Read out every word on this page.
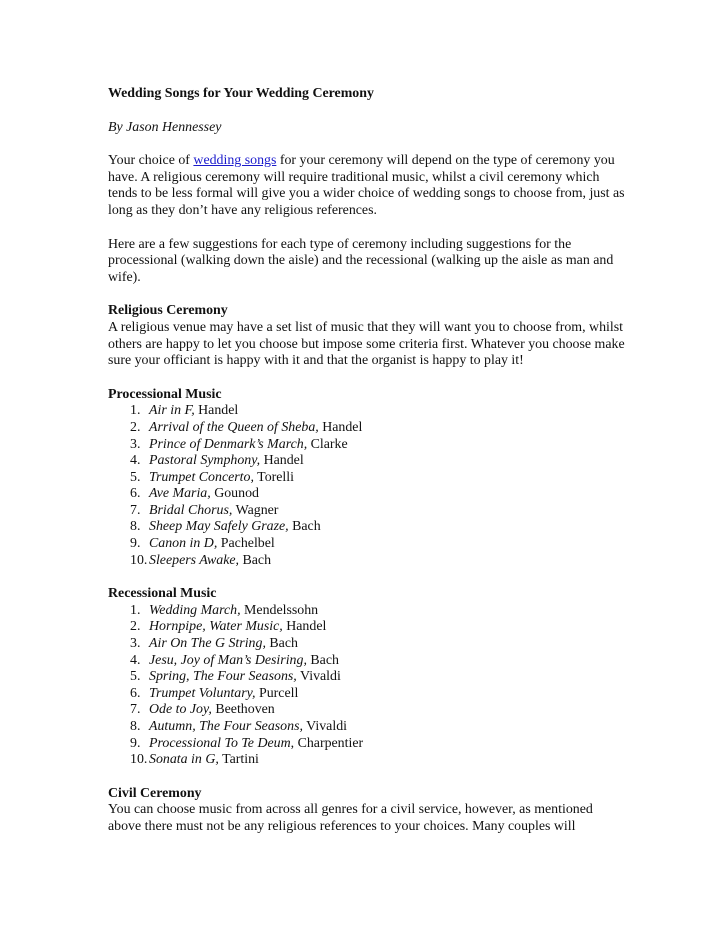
Wedding Songs for Your Wedding Ceremony

By Jason Hennessey

Your choice of wedding songs for your ceremony will depend on the type of ceremony you have. A religious ceremony will require traditional music, whilst a civil ceremony which tends to be less formal will give you a wider choice of wedding songs to choose from, just as long as they don’t have any religious references.

Here are a few suggestions for each type of ceremony including suggestions for the processional (walking down the aisle) and the recessional (walking up the aisle as man and wife).

Religious Ceremony

A religious venue may have a set list of music that they will want you to choose from, whilst others are happy to let you choose but impose some criteria first. Whatever you choose make sure your officiant is happy with it and that the organist is happy to play it!

Processional Music

1. Air in F, Handel
2. Arrival of the Queen of Sheba, Handel
3. Prince of Denmark’s March, Clarke
4. Pastoral Symphony, Handel
5. Trumpet Concerto, Torelli
6. Ave Maria, Gounod
7. Bridal Chorus, Wagner
8. Sheep May Safely Graze, Bach
9. Canon in D, Pachelbel
10. Sleepers Awake, Bach

Recessional Music

1. Wedding March, Mendelssohn
2. Hornpipe, Water Music, Handel
3. Air On The G String, Bach
4. Jesu, Joy of Man’s Desiring, Bach
5. Spring, The Four Seasons, Vivaldi
6. Trumpet Voluntary, Purcell
7. Ode to Joy, Beethoven
8. Autumn, The Four Seasons, Vivaldi
9. Processional To Te Deum, Charpentier
10. Sonata in G, Tartini

Civil Ceremony

You can choose music from across all genres for a civil service, however, as mentioned above there must not be any religious references to your choices. Many couples will
